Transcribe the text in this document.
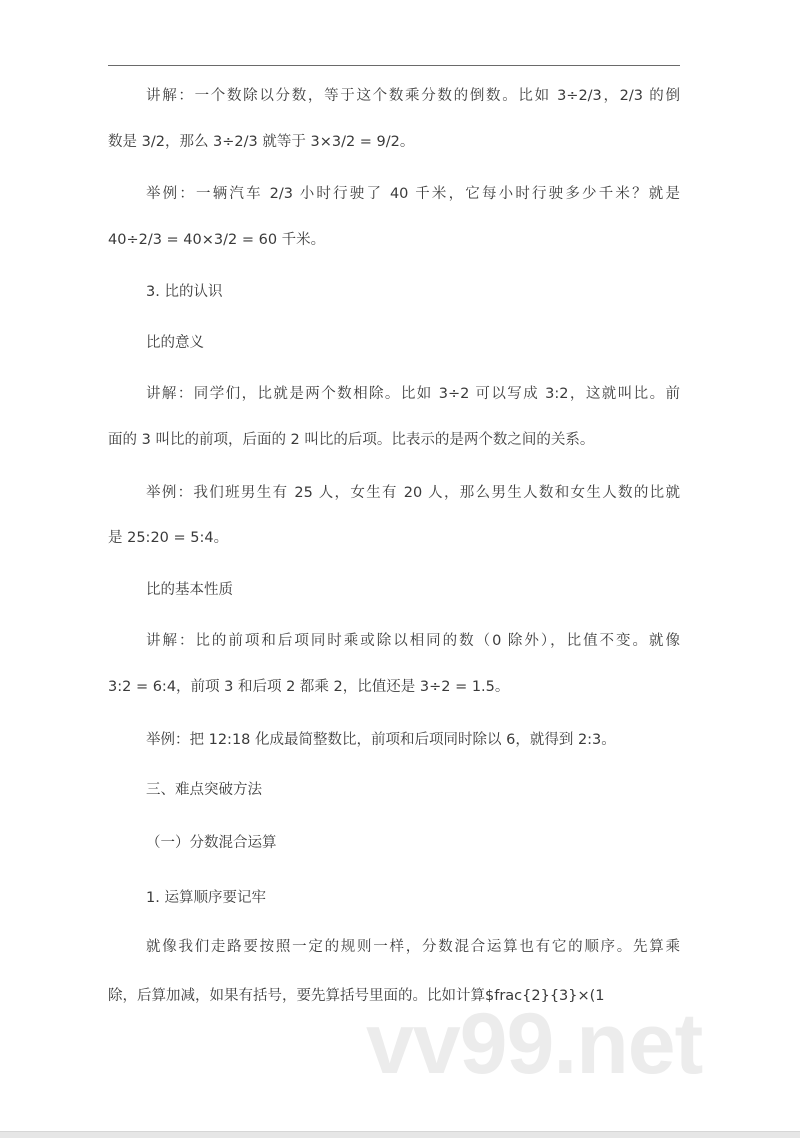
讲解：一个数除以分数，等于这个数乘分数的倒数。比如 3÷2/3，2/3 的倒
数是 3/2，那么 3÷2/3 就等于 3×3/2 = 9/2。
举例：一辆汽车 2/3 小时行驶了 40 千米，它每小时行驶多少千米？就是
40÷2/3 = 40×3/2 = 60 千米。
3. 比的认识
比的意义
讲解：同学们，比就是两个数相除。比如 3÷2 可以写成 3:2，这就叫比。前
面的 3 叫比的前项，后面的 2 叫比的后项。比表示的是两个数之间的关系。
举例：我们班男生有 25 人，女生有 20 人，那么男生人数和女生人数的比就
是 25:20 = 5:4。
比的基本性质
讲解：比的前项和后项同时乘或除以相同的数（0 除外），比值不变。就像
3:2 = 6:4，前项 3 和后项 2 都乘 2，比值还是 3÷2 = 1.5。
举例：把 12:18 化成最简整数比，前项和后项同时除以 6，就得到 2:3。
三、难点突破方法
（一）分数混合运算
1. 运算顺序要记牢
就像我们走路要按照一定的规则一样，分数混合运算也有它的顺序。先算乘
除，后算加减，如果有括号，要先算括号里面的。比如计算$frac{2}{3}×(1
vv99.net
